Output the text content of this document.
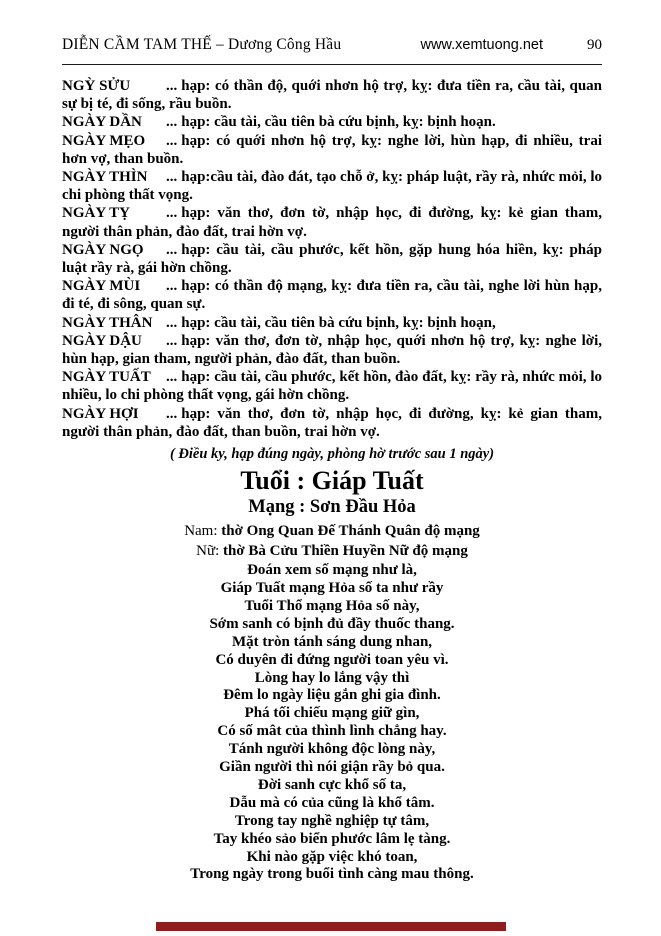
DIỄN CẦM TAM THẾ – Dương Công Hầu	www.xemtuong.net	90

NGỲ SỬU ... hạp: có thần độ, quới nhơn hộ trợ, kỵ: đưa tiền ra, cầu tài, quan sự bị té, đi sống, rầu buồn.

NGÀY DẦN ... hạp: cầu tài, cầu tiên bà cứu bịnh, kỵ: bịnh hoạn.

NGÀY MẸO ... hạp: có quới nhơn hộ trợ, kỵ: nghe lời, hùn hạp, đi nhiều, trai hơn vợ, than buồn.

NGÀY THÌN ... hạp:cầu tài, đào đát, tạo chỗ ở, kỵ: pháp luật, rầy rà, nhức mỏi, lo chi phòng thất vọng.

NGÀY TỴ ... hạp: văn thơ, đơn tờ, nhập học, đi đường, kỵ: kẻ gian tham, người thân phản, đào đất, trai hờn vợ.

NGÀY NGỌ ... hạp: cầu tài, cầu phước, kết hồn, gặp hung hóa hiền, kỵ: pháp luật rầy rà, gái hờn chồng.

NGÀY MÙI ... hạp: có thần độ mạng, kỵ: đưa tiền ra, cầu tài, nghe lời hùn hạp, đi té, đi sông, quan sự.

NGÀY THÂN ... hạp: cầu tài, cầu tiên bà cứu bịnh, kỵ: bịnh hoạn,

NGÀY DẬU ... hạp: văn thơ, đơn tờ, nhập học, quới nhơn hộ trợ, kỵ: nghe lời, hùn hạp, gian tham, người phản, đào đất, than buồn.

NGÀY TUẤT ... hạp: cầu tài, cầu phước, kết hồn, đào đất, kỵ: rầy rà, nhức mỏi, lo nhiều, lo chi phòng thất vọng, gái hờn chồng.

NGÀY HỢI ... hạp: văn thơ, đơn tờ, nhập học, đi đường, kỵ: kẻ gian tham, người thân phản, đào đất, than buồn, trai hờn vợ.

( Điều ky, hạp đúng ngày, phòng hờ trước sau 1 ngày)
Tuổi : Giáp Tuất
Mạng : Sơn Đầu Hỏa
Nam: thờ Ong Quan Đế Thánh Quân độ mạng
Nữ: thờ Bà Cửu Thiền Huyền Nữ độ mạng
Đoán xem số mạng như là,
Giáp Tuất mạng Hỏa số ta như rầy
Tuổi Thổ mạng Hỏa số này,
Sớm sanh có bịnh đủ đầy thuốc thang.
Mặt tròn tánh sáng dung nhan,
Có duyên đi đứng người toan yêu vì.
Lòng hay lo lắng vậy thì
Đêm lo ngày liệu gắn ghi gia đình.
Phá tối chiếu mạng giữ gìn,
Có số mât của thình lình chẳng hay.
Tánh người không độc lòng này,
Giần người thì nói giận rầy bỏ qua.
Đời sanh cực khổ số ta,
Dẫu mà có của cũng là khổ tâm.
Trong tay nghề nghiệp tự tâm,
Tay khéo sảo biển phước lâm lẹ tàng.
Khi nào gặp việc khó toan,
Trong ngày trong buổi tình càng mau thông.
